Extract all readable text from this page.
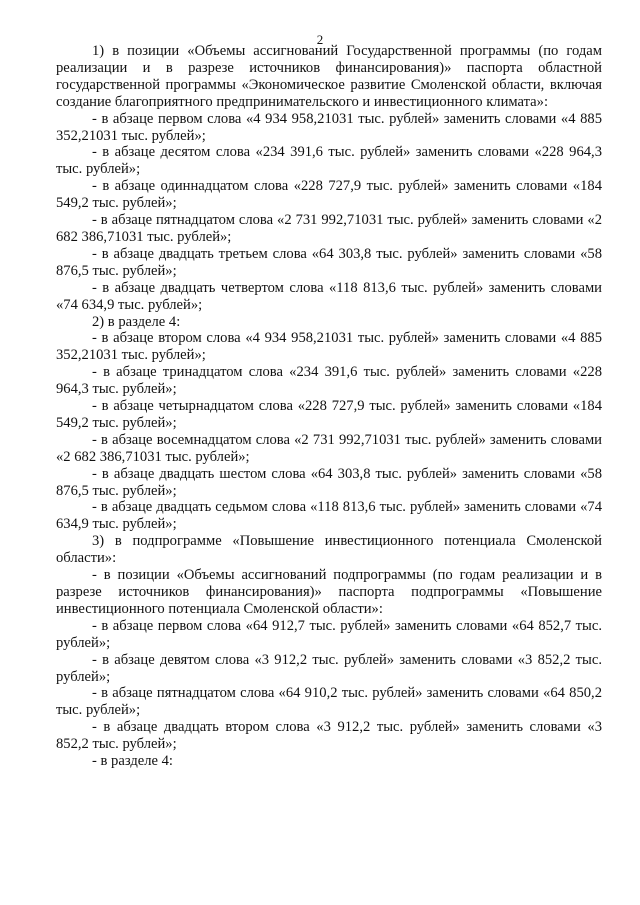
2

1) в позиции «Объемы ассигнований Государственной программы (по годам реализации и в разрезе источников финансирования)» паспорта областной государственной программы «Экономическое развитие Смоленской области, включая создание благоприятного предпринимательского и инвестиционного климата»:

- в абзаце первом слова «4 934 958,21031 тыс. рублей» заменить словами «4 885 352,21031 тыс. рублей»;

- в абзаце десятом слова «234 391,6 тыс. рублей» заменить словами «228 964,3 тыс. рублей»;

- в абзаце одиннадцатом слова «228 727,9 тыс. рублей» заменить словами «184 549,2 тыс. рублей»;

- в абзаце пятнадцатом слова «2 731 992,71031 тыс. рублей» заменить словами «2 682 386,71031 тыс. рублей»;

- в абзаце двадцать третьем слова «64 303,8 тыс. рублей» заменить словами «58 876,5 тыс. рублей»;

- в абзаце двадцать четвертом слова «118 813,6 тыс. рублей» заменить словами «74 634,9 тыс. рублей»;

2) в разделе 4:

- в абзаце втором слова «4 934 958,21031 тыс. рублей» заменить словами «4 885 352,21031 тыс. рублей»;

- в абзаце тринадцатом слова «234 391,6 тыс. рублей» заменить словами «228 964,3 тыс. рублей»;

- в абзаце четырнадцатом слова «228 727,9 тыс. рублей» заменить словами «184 549,2 тыс. рублей»;

- в абзаце восемнадцатом слова «2 731 992,71031 тыс. рублей» заменить словами «2 682 386,71031 тыс. рублей»;

- в абзаце двадцать шестом слова «64 303,8 тыс. рублей» заменить словами «58 876,5 тыс. рублей»;

- в абзаце двадцать седьмом слова «118 813,6 тыс. рублей» заменить словами «74 634,9 тыс. рублей»;

3) в подпрограмме «Повышение инвестиционного потенциала Смоленской области»:

- в позиции «Объемы ассигнований подпрограммы (по годам реализации и в разрезе источников финансирования)» паспорта подпрограммы «Повышение инвестиционного потенциала Смоленской области»:

- в абзаце первом слова «64 912,7 тыс. рублей» заменить словами «64 852,7 тыс. рублей»;

- в абзаце девятом слова «3 912,2 тыс. рублей» заменить словами «3 852,2 тыс. рублей»;

- в абзаце пятнадцатом слова «64 910,2 тыс. рублей» заменить словами «64 850,2 тыс. рублей»;

- в абзаце двадцать втором слова «3 912,2 тыс. рублей» заменить словами «3 852,2 тыс. рублей»;

- в разделе 4:
